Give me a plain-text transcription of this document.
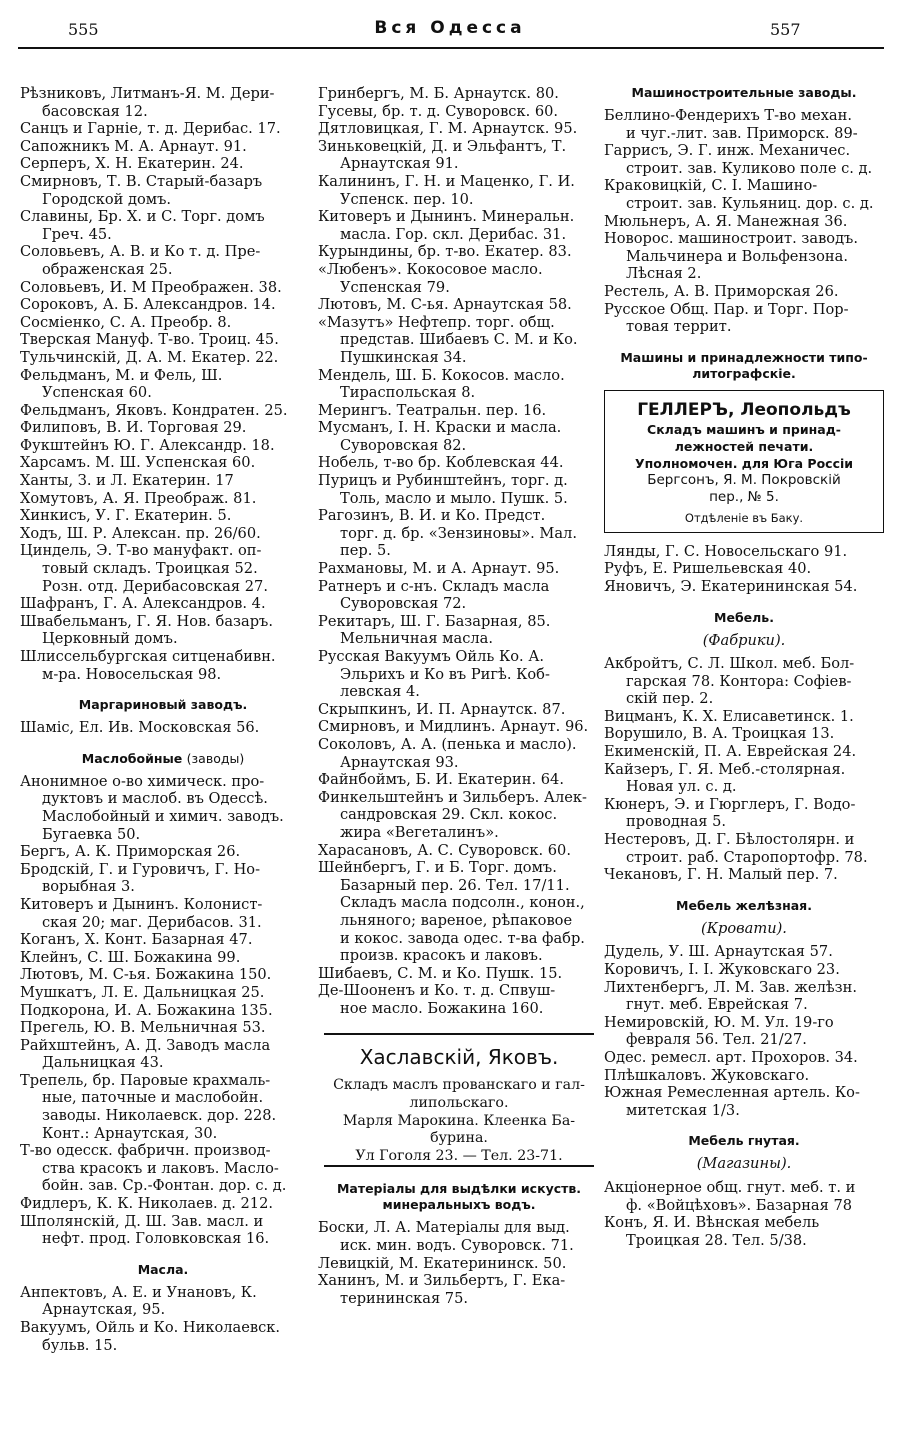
555	Вся Одесса	557
Рѣзниковъ, Литманъ-Я. М. Дери-
басовская 12.
Санцъ и Гарніе, т. д. Дерибас. 17.
Сапожникъ М. А. Арнаут. 91.
Серперъ, Х. Н. Екатерин. 24.
Смирновъ, Т. В. Старый-базаръ
Городской домъ.
Славины, Бр. Х. и С. Торг. домъ
Греч. 45.
Соловьевъ, А. В. и Ко т. д. Пре-
ображенская 25.
Соловьевъ, И. М Преображен. 38.
Сороковъ, А. Б. Александров. 14.
Сосміенко, С. А. Преобр. 8.
Тверская Мануф. Т-во. Троиц. 45.
Тульчинскій, Д. А. М. Екатер. 22.
Фельдманъ, М. и Фель, Ш.
Успенская 60.
Фельдманъ, Яковъ. Кондратен. 25.
Филиповъ, В. И. Торговая 29.
Фукштейнъ Ю. Г. Александр. 18.
Харсамъ. М. Ш. Успенская 60.
Ханты, З. и Л. Екатерин. 17
Хомутовъ, А. Я. Преображ. 81.
Хинкисъ, У. Г. Екатерин. 5.
Ходъ, Ш. Р. Алексан. пр. 26/60.
Циндель, Э. Т-во мануфакт. оп-
товый складъ. Троицкая 52.
Розн. отд. Дерибасовская 27.
Шафранъ, Г. А. Александров. 4.
Швабельманъ, Г. Я. Нов. базаръ.
Церковный домъ.
Шлиссельбургская ситценабивн.
м-ра. Новосельская 98.
Маргариновый заводъ.
Шаміс, Ел. Ив. Московская 56.
Маслобойные (заводы)
Анонимное о-во химическ. про-
дуктовъ и маслоб. въ Одессѣ.
Маслобойный и химич. заводъ.
Бугаевка 50.
Бергъ, А. К. Приморская 26.
Бродскій, Г. и Гуровичъ, Г. Но-
ворыбная 3.
Китоверъ и Дынинъ. Колонист-
ская 20; маг. Дерибасов. 31.
Коганъ, Х. Конт. Базарная 47.
Клейнъ, С. Ш. Божакина 99.
Лютовъ, М. С-ья. Божакина 150.
Мушкатъ, Л. Е. Дальницкая 25.
Подкорона, И. А. Божакина 135.
Прегель, Ю. В. Мельничная 53.
Райхштейнъ, А. Д. Заводъ масла
Дальницкая 43.
Трепель, бр. Паровые крахмаль-
ные, паточные и маслобойн.
заводы. Николаевск. дор. 228.
Конт.: Арнаутская, 30.
Т-во одесск. фабричн. производ-
ства красокъ и лаковъ. Масло-
бойн. зав. Ср.-Фонтан. дор. с. д.
Фидлеръ, К. К. Николаев. д. 212.
Шполянскій, Д. Ш. Зав. масл. и
нефт. прод. Головковская 16.
Масла.
Анпектовъ, А. Е. и Унановъ, К.
Арнаутская, 95.
Вакуумъ, Ойль и Ко. Николаевск.
бульв. 15.
Гринбергъ, М. Б. Арнаутск. 80.
Гусевы, бр. т. д. Суворовск. 60.
Дятловицкая, Г. М. Арнаутск. 95.
Зиньковецкій, Д. и Эльфантъ, Т.
Арнаутская 91.
Калининъ, Г. Н. и Маценко, Г. И.
Успенск. пер. 10.
Китоверъ и Дынинъ. Минеральн.
масла. Гор. скл. Дерибас. 31.
Курындины, бр. т-во. Екатер. 83.
«Любенъ». Кокосовое масло.
Успенская 79.
Лютовъ, М. С-ья. Арнаутская 58.
«Мазутъ» Нефтепр. торг. общ.
представ. Шибаевъ С. М. и Ко.
Пушкинская 34.
Мендель, Ш. Б. Кокосов. масло.
Тираспольская 8.
Мерингъ. Театральн. пер. 16.
Мусманъ, І. Н. Краски и масла.
Суворовская 82.
Нобель, т-во бр. Коблевская 44.
Пурицъ и Рубинштейнъ, торг. д.
Толь, масло и мыло. Пушк. 5.
Рагозинъ, В. И. и Ко. Предст.
торг. д. бр. «Зензиновы». Мал.
пер. 5.
Рахмановы, М. и А. Арнаут. 95.
Ратнеръ и с-нъ. Складъ масла
Суворовская 72.
Рекитаръ, Ш. Г. Базарная, 85.
Мельничная масла.
Русская Вакуумъ Ойль Ко. А.
Эльрихъ и Ко въ Ригѣ. Коб-
левская 4.
Скрыпкинъ, И. П. Арнаутск. 87.
Смирновъ, и Мидлинъ. Арнаут. 96.
Соколовъ, А. А. (пенька и масло).
Арнаутская 93.
Файнбоймъ, Б. И. Екатерин. 64.
Финкельштейнъ и Зильберъ. Алек-
сандровская 29. Скл. кокос.
жира «Вегеталинъ».
Харасановъ, А. С. Суворовск. 60.
Шейнбергъ, Г. и Б. Торг. домъ.
Базарный пер. 26. Тел. 17/11.
Складъ масла подсолн., конон.,
льняного; вареное, рѣпаковое
и кокос. завода одес. т-ва фабр.
произв. красокъ и лаковъ.
Шибаевъ, С. М. и Ко. Пушк. 15.
Де-Шооненъ и Ко. т. д. Спвуш-
ное масло. Божакина 160.
Хаславскій, Яковъ.
Складъ маслъ прованскаго и гал-
липольскаго.
Марля Марокина. Клеенка Ба-
бурина.
Ул Гоголя 23. — Тел. 23-71.
Матеріалы для выдѣлки искуств. минеральныхъ водъ.
Боски, Л. А. Матеріалы для выд.
иск. мин. водъ. Суворовск. 71.
Левицкій, М. Екатерининск. 50.
Ханинъ, М. и Зильбертъ, Г. Ека-
терининская 75.
Машиностроительные заводы.
Беллино-Фендерихъ Т-во механ.
и чуг.-лит. зав. Приморск. 89-
Гаррисъ, Э. Г. инж. Механичес.
строит. зав. Куликово поле с. д.
Краковицкій, С. І. Машино-
строит. зав. Кульяниц. дор. с. д.
Мюльнеръ, А. Я. Манежная 36.
Новорос. машиностроит. заводъ.
Мальчинера и Вольфензона.
Лѣсная 2.
Рестель, А. В. Приморская 26.
Русское Общ. Пар. и Торг. Пор-
товая террит.
Машины и принадлежности типо-литографскіе.
ГЕЛЛЕРЪ, Леопольдъ
Складъ машинъ и принад-
лежностей печати.
Уполномочен. для Юга Россіи
Бергсонъ, Я. М. Покровскій
пер., № 5.
Отдѣленіе въ Баку.
Лянды, Г. С. Новосельскаго 91.
Руфъ, Е. Ришельевская 40.
Яновичъ, Э. Екатерининская 54.
Мебель.
(Фабрики).
Акбройтъ, С. Л. Школ. меб. Бол-
гарская 78. Контора: Софіев-
скій пер. 2.
Вицманъ, К. Х. Елисаветинск. 1.
Ворушило, В. А. Троицкая 13.
Екименскій, П. А. Еврейская 24.
Кайзеръ, Г. Я. Меб.-столярная.
Новая ул. с. д.
Кюнеръ, Э. и Гюрглеръ, Г. Водо-
проводная 5.
Нестеровъ, Д. Г. Бѣлостолярн. и
строит. раб. Старопортофр. 78.
Чекановъ, Г. Н. Малый пер. 7.
Мебель желѣзная.
(Кровати).
Дудель, У. Ш. Арнаутская 57.
Коровичъ, І. І. Жуковскаго 23.
Лихтенбергъ, Л. М. Зав. желѣзн.
гнут. меб. Еврейская 7.
Немировскій, Ю. М. Ул. 19-го
февраля 56. Тел. 21/27.
Одес. ремесл. арт. Прохоров. 34.
Плѣшкаловъ. Жуковскаго.
Южная Ремесленная артель. Ко-
митетская 1/3.
Мебель гнутая.
(Магазины).
Акціонерное общ. гнут. меб. т. и
ф. «Войцѣховъ». Базарная 78
Конъ, Я. И. Вѣнская мебель
Троицкая 28. Тел. 5/38.
